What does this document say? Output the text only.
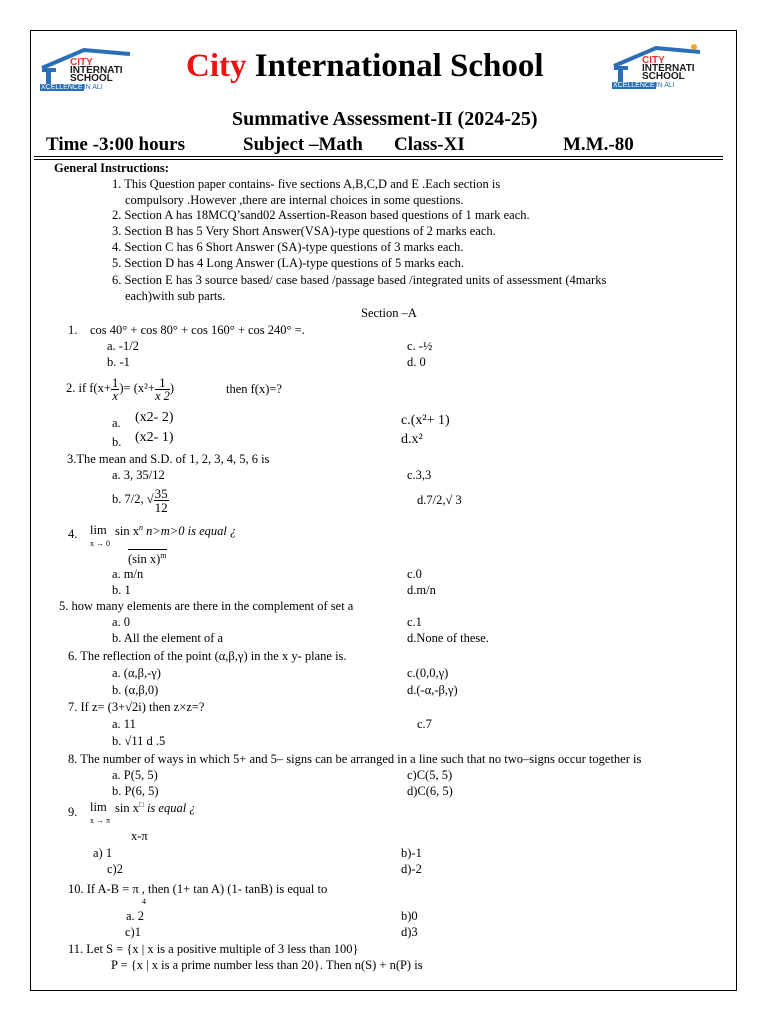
CITY
INTERNATI
SCHOOL
XCELLENCEIN ALI
CITY
INTERNATI
SCHOOL
XCELLENCEIN ALI
City International School
Summative Assessment-II (2024-25)
Time -3:00 hours	Subject –Math Class-XI	M.M.-80
General Instructions:
1. This Question paper contains- five sections A,B,C,D and E .Each section is
compulsory .However ,there are internal choices in some questions.
2. Section A has 18MCQ’sand02 Assertion-Reason based questions of 1 mark each.
3. Section B has 5 Very Short Answer(VSA)-type questions of 2 marks each.
4. Section C has 6 Short Answer (SA)-type questions of 3 marks each.
5. Section D has 4 Long Answer (LA)-type questions of 5 marks each.
6. Section E has 3 source based/ case based /passage based /integrated units of assessment (4marks
each)with sub parts.
Section –A
1. cos 40° + cos 80° + cos 160° + cos 240° =.
a. -1/2	c. -½
b. -1	d. 0
2. if $f(x+ \frac{1}{x}$ )= ($x^2+ \frac{1}{x 2}$ )	then f(x)=?
a. (x2- 2)	c.(x²+ 1)
b. (x2- 1)	d.x²
3.The mean and S.D. of 1, 2, 3, 4, 5, 6 is
a. 3, 35/12	c.3,3
b. 7/2, √ $\frac{35}{12}$	d.7/2,√ 3
4. lim
x → 0
$\sin x^n$ n>m>0 is equal ¿
(sin x)$^m$
a. m/n	c.0
b. 1	d.m/n
5. how many elements are there in the complement of set a
a. 0	c.1
b. All the element of a	d.None of these.
6. The reflection of the point (α,β,γ) in the x y- plane is.
a. (α,β,-γ)	c.(0,0,γ)
b. (α,β,0)	d.(-α,-β,γ)
7. If z= (3+√2i) then z×z=?
a. 11	c.7
b. √11 d .5
8. The number of ways in which 5+ and 5– signs can be arranged in a line such that no two–signs occur together is
a. P(5, 5)	c)C(5, 5)
b. P(6, 5)	d)C(6, 5)
9. lim
x → π
sin x□ is equal ¿
x-π
a) 1	b)-1
c)2	d)-2
10. If A-B = π , then (1+ tan A) (1- tanB) is equal to
4
a. 2	b)0
c)1	d)3
11. Let S = {x | x is a positive multiple of 3 less than 100}
P = {x | x is a prime number less than 20}. Then n(S) + n(P) is
